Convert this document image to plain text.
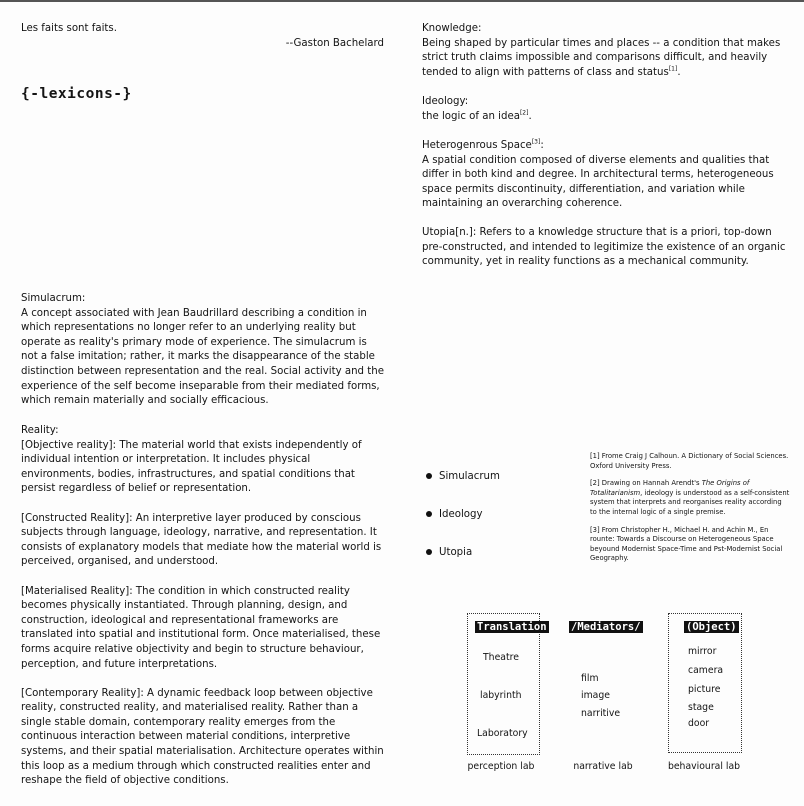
Les faits sont faits.
--Gaston Bachelard
{-lexicons-}
Knowledge:
Being shaped by particular times and places -- a condition that makes strict truth claims impossible and comparisons difficult, and heavily tended to align with patterns of class and status[1].
Ideology:
the logic of an idea[2].
Heterogenrous Space[3]:
A spatial condition composed of diverse elements and qualities that differ in both kind and degree. In architectural terms, heterogeneous space permits discontinuity, differentiation, and variation while maintaining an overarching coherence.
Utopia[n.]: Refers to a knowledge structure that is a priori, top-down pre-constructed, and intended to legitimize the existence of an organic community, yet in reality functions as a mechanical community.
Simulacrum:
A concept associated with Jean Baudrillard describing a condition in which representations no longer refer to an underlying reality but operate as reality's primary mode of experience. The simulacrum is not a false imitation; rather, it marks the disappearance of the stable distinction between representation and the real. Social activity and the experience of the self become inseparable from their mediated forms, which remain materially and socially efficacious.
Reality:
[Objective reality]: The material world that exists independently of individual intention or interpretation. It includes physical environments, bodies, infrastructures, and spatial conditions that persist regardless of belief or representation.
[Constructed Reality]: An interpretive layer produced by conscious subjects through language, ideology, narrative, and representation. It consists of explanatory models that mediate how the material world is perceived, organised, and understood.
[Materialised Reality]: The condition in which constructed reality becomes physically instantiated. Through planning, design, and construction, ideological and representational frameworks are translated into spatial and institutional form. Once materialised, these forms acquire relative objectivity and begin to structure behaviour, perception, and future interpretations.
[Contemporary Reality]: A dynamic feedback loop between objective reality, constructed reality, and materialised reality. Rather than a single stable domain, contemporary reality emerges from the continuous interaction between material conditions, interpretive systems, and their spatial materialisation. Architecture operates within this loop as a medium through which constructed realities enter and reshape the field of objective conditions.
Simulacrum
Ideology
Utopia
[1] Frome Craig J Calhoun. A Dictionary of Social Sciences. Oxford University Press.
[2] Drawing on Hannah Arendt's The Origins of Totalitarianism, ideology is understood as a self-consistent system that interprets and reorganises reality according to the internal logic of a single premise.
[3] From Christopher H., Michael H. and Achin M., En rounte: Towards a Discourse on Heterogeneous Space beyound Modernist Space-Time and Pst-Modernist Social Geography.
Translation /Mediators/	(Object)
Theatre
labyrinth
Laboratory
film
image
narritive
mirror
camera
picture
stage
door
perception lab	narrative lab	behavioural lab
